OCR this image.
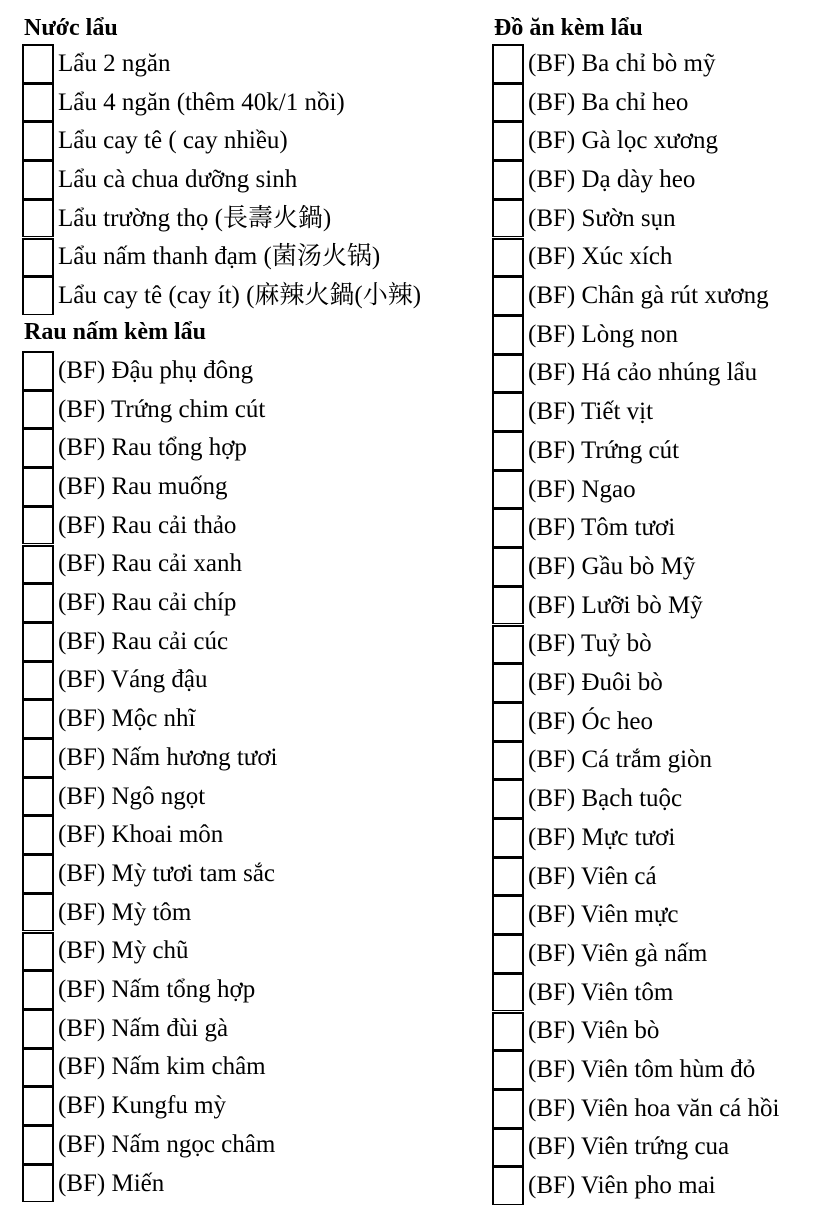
Nước lẩu
Lẩu 2 ngăn
Lẩu 4 ngăn (thêm 40k/1 nồi)
Lẩu cay tê ( cay nhiều)
Lẩu cà chua dưỡng sinh
Lẩu trường thọ (長壽火鍋)
Lẩu nấm thanh đạm (菌汤火锅)
Lẩu cay tê (cay ít) (麻辣火鍋(小辣)
Rau nấm kèm lẩu
(BF) Đậu phụ đông
(BF) Trứng chim cút
(BF) Rau tổng hợp
(BF) Rau muống
(BF) Rau cải thảo
(BF) Rau cải xanh
(BF) Rau cải chíp
(BF) Rau cải cúc
(BF) Váng đậu
(BF) Mộc nhĩ
(BF) Nấm hương tươi
(BF) Ngô ngọt
(BF) Khoai môn
(BF) Mỳ tươi tam sắc
(BF) Mỳ tôm
(BF) Mỳ chũ
(BF) Nấm tổng hợp
(BF) Nấm đùi gà
(BF) Nấm kim châm
(BF) Kungfu mỳ
(BF) Nấm ngọc châm
(BF) Miến
Đồ ăn kèm lẩu
(BF) Ba chỉ bò mỹ
(BF) Ba chỉ heo
(BF) Gà lọc xương
(BF) Dạ dày heo
(BF) Sườn sụn
(BF) Xúc xích
(BF) Chân gà rút xương
(BF) Lòng non
(BF) Há cảo nhúng lẩu
(BF) Tiết vịt
(BF) Trứng cút
(BF) Ngao
(BF) Tôm tươi
(BF) Gầu bò Mỹ
(BF) Lưỡi bò Mỹ
(BF) Tuỷ bò
(BF) Đuôi bò
(BF) Óc heo
(BF) Cá trắm giòn
(BF) Bạch tuộc
(BF) Mực tươi
(BF) Viên cá
(BF) Viên mực
(BF) Viên gà nấm
(BF) Viên tôm
(BF) Viên bò
(BF) Viên tôm hùm đỏ
(BF) Viên hoa văn cá hồi
(BF) Viên trứng cua
(BF) Viên pho mai
